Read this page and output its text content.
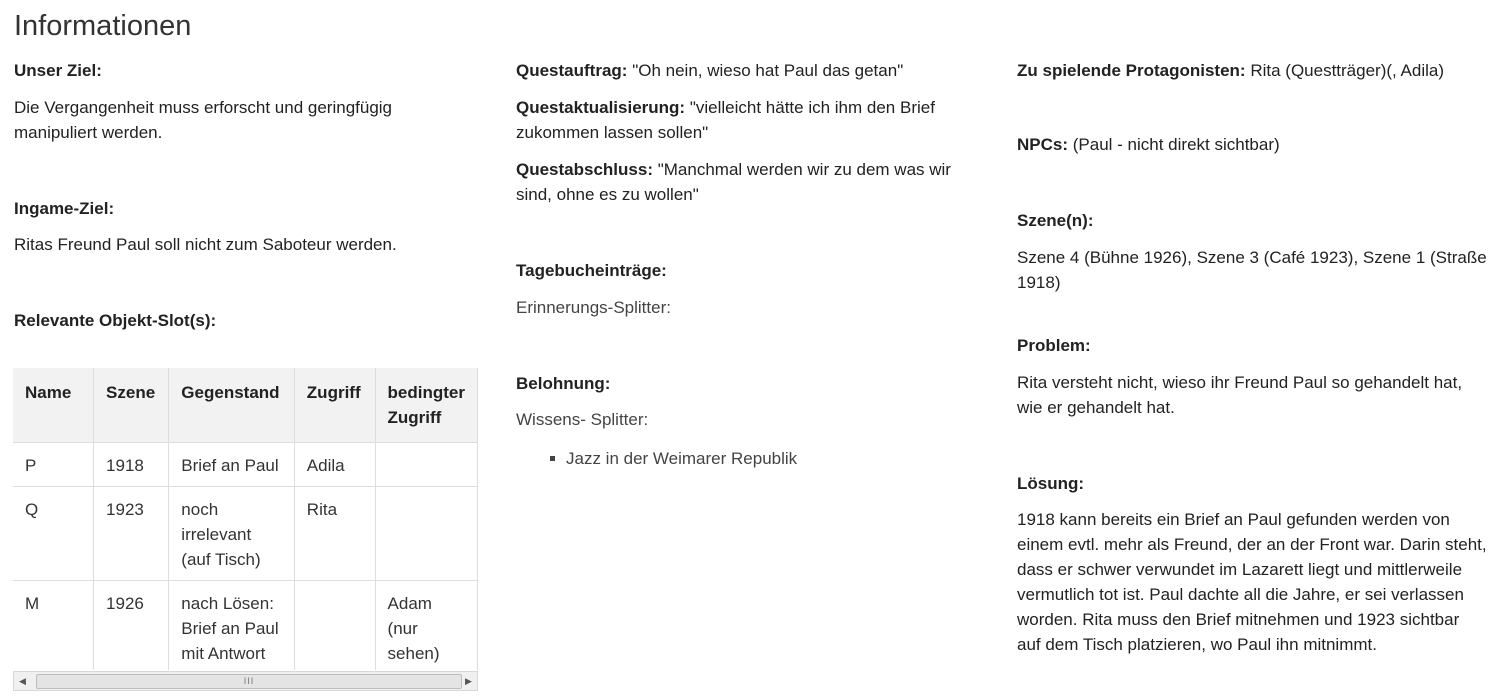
Informationen
Unser Ziel:
Die Vergangenheit muss erforscht und geringfügig manipuliert werden.
Ingame-Ziel:
Ritas Freund Paul soll nicht zum Saboteur werden.
Relevante Objekt-Slot(s):
Name	Szene	Gegenstand	Zugriff	bedingter Zugriff
P	1918	Brief an Paul	Adila	
Q	1923	noch irrelevant (auf Tisch)	Rita	
M	1926	nach Lösen: Brief an Paul mit Antwort		Adam (nur sehen)
◀	III	▶
Questauftrag: "Oh nein, wieso hat Paul das getan"
Questaktualisierung: "vielleicht hätte ich ihm den Brief zukommen lassen sollen"
Questabschluss: "Manchmal werden wir zu dem was wir sind, ohne es zu wollen"
Tagebucheinträge:
Erinnerungs-Splitter:
Belohnung:
Wissens- Splitter:
Jazz in der Weimarer Republik
Zu spielende Protagonisten: Rita (Questträger)(, Adila)
NPCs: (Paul - nicht direkt sichtbar)
Szene(n):
Szene 4 (Bühne 1926), Szene 3 (Café 1923), Szene 1 (Straße 1918)
Problem:
Rita versteht nicht, wieso ihr Freund Paul so gehandelt hat, wie er gehandelt hat.
Lösung:
1918 kann bereits ein Brief an Paul gefunden werden von einem evtl. mehr als Freund, der an der Front war. Darin steht, dass er schwer verwundet im Lazarett liegt und mittlerweile vermutlich tot ist. Paul dachte all die Jahre, er sei verlassen worden. Rita muss den Brief mitnehmen und 1923 sichtbar auf dem Tisch platzieren, wo Paul ihn mitnimmt.
